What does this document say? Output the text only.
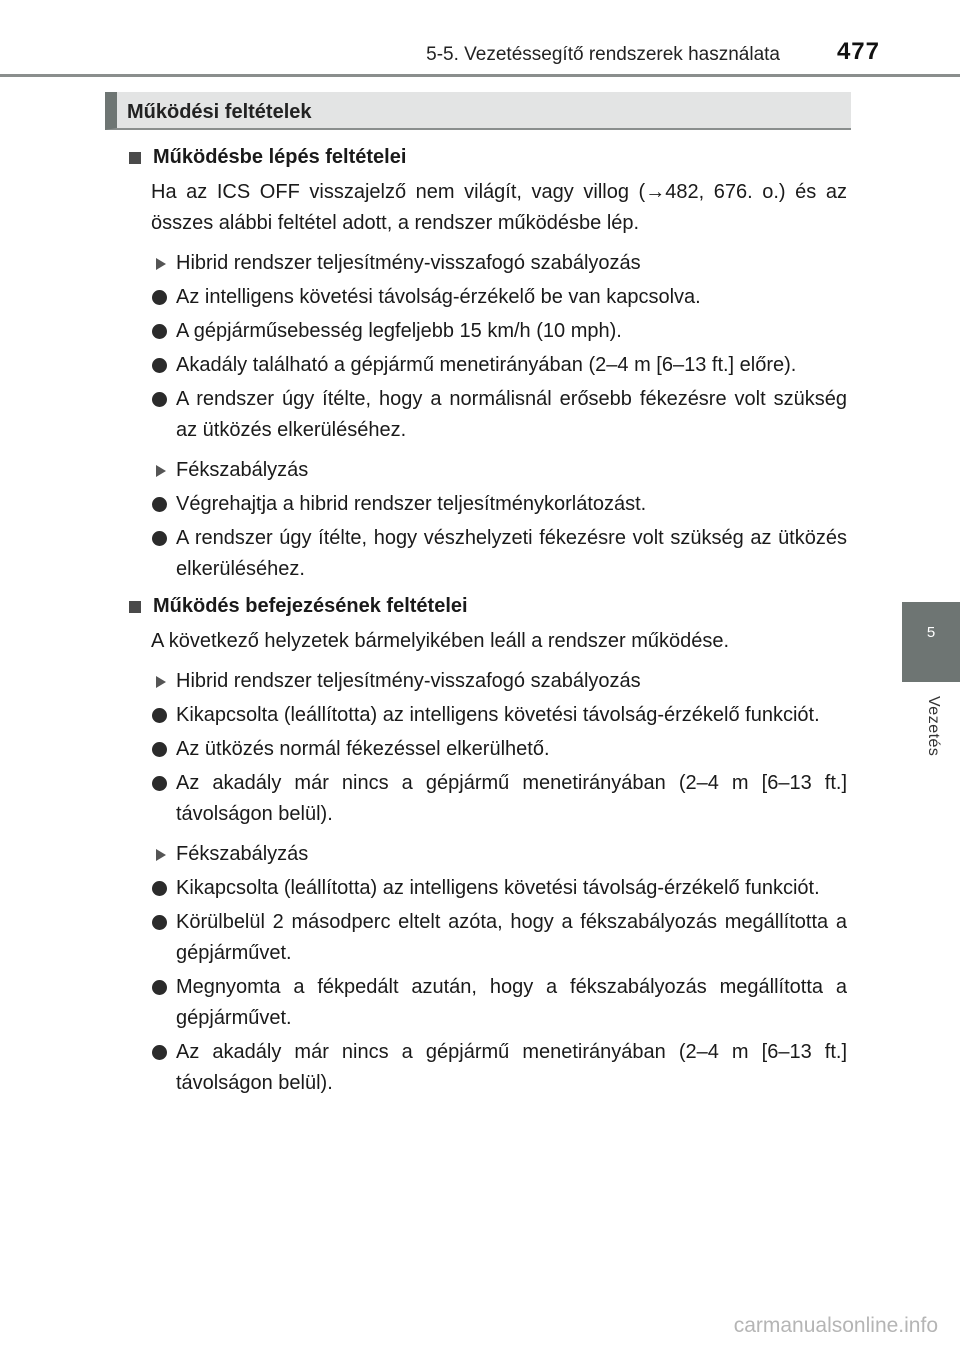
5-5. Vezetéssegítő rendszerek használata 477
5
Vezetés
Működési feltételek
Működésbe lépés feltételei
Ha az ICS OFF visszajelző nem világít, vagy villog (→482, 676. o.) és az összes alábbi feltétel adott, a rendszer működésbe lép.
Hibrid rendszer teljesítmény-visszafogó szabályozás
Az intelligens követési távolság-érzékelő be van kapcsolva.
A gépjárműsebesség legfeljebb 15 km/h (10 mph).
Akadály található a gépjármű menetirányában (2–4 m [6–13 ft.] előre).
A rendszer úgy ítélte, hogy a normálisnál erősebb fékezésre volt szükség az ütközés elkerüléséhez.
Fékszabályzás
Végrehajtja a hibrid rendszer teljesítménykorlátozást.
A rendszer úgy ítélte, hogy vészhelyzeti fékezésre volt szükség az ütközés elkerüléséhez.
Működés befejezésének feltételei
A következő helyzetek bármelyikében leáll a rendszer működése.
Hibrid rendszer teljesítmény-visszafogó szabályozás
Kikapcsolta (leállította) az intelligens követési távolság-érzékelő funkciót.
Az ütközés normál fékezéssel elkerülhető.
Az akadály már nincs a gépjármű menetirányában (2–4 m [6–13 ft.] távolságon belül).
Fékszabályzás
Kikapcsolta (leállította) az intelligens követési távolság-érzékelő funkciót.
Körülbelül 2 másodperc eltelt azóta, hogy a fékszabályozás megállította a gépjárművet.
Megnyomta a fékpedált azután, hogy a fékszabályozás megállította a gépjárművet.
Az akadály már nincs a gépjármű menetirányában (2–4 m [6–13 ft.] távolságon belül).
carmanualsonline.info
